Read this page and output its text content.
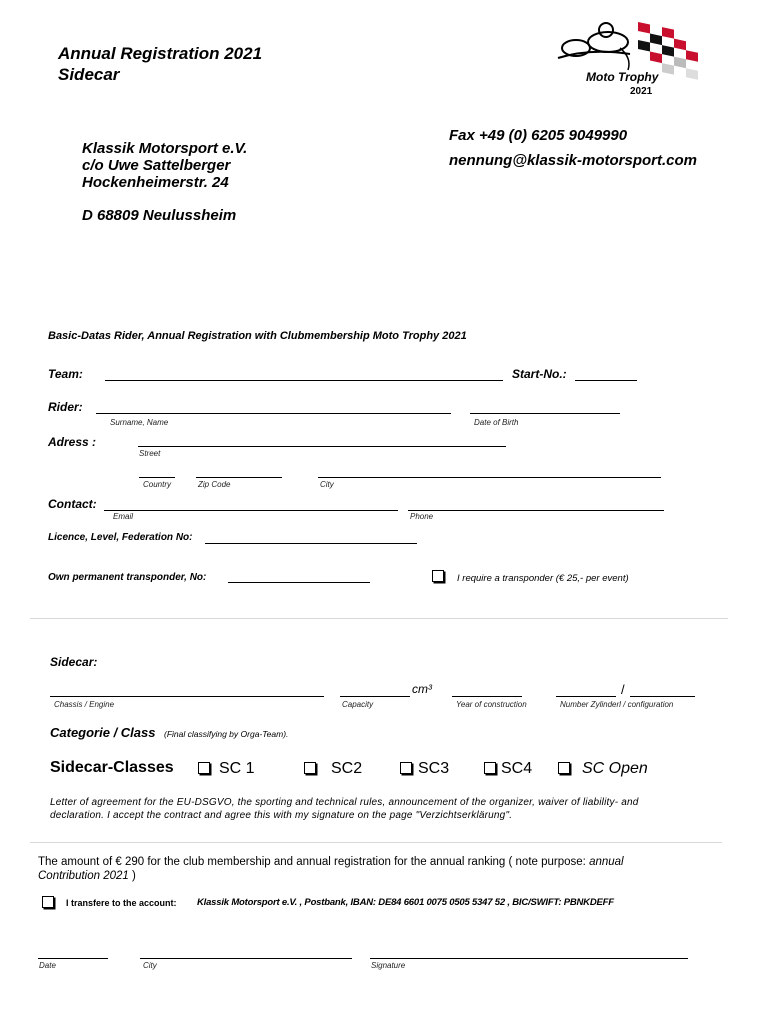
Annual Registration 2021
Sidecar	Moto Trophy
2021
Klassik Motorsport e.V.
c/o Uwe Sattelberger
Hockenheimerstr. 24
D 68809 Neulussheim
Fax +49 (0) 6205 9049990
nennung@klassik-motorsport.com
Basic-Datas Rider, Annual Registration with Clubmembership Moto Trophy 2021
Team:	Start-No.:
Rider:
Surname, Name	Date of Birth
Adress :
Street
Country	Zip Code	City
Contact:
Email	Phone
Licence, Level, Federation No:
Own permanent transponder, No:	I require a transponder (€ 25,- per event)
Sidecar:
cm³	/
Chassis / Engine	Capacity	Year of construction	Number Zylinderl / configuration
Categorie / Class (Final classifying by Orga-Team).
Sidecar-Classes	SC 1	SC2	SC3	SC4	SC Open
Letter of agreement for the EU-DSGVO, the sporting and technical rules, announcement of the organizer, waiver of liability- and
declaration. I accept the contract and agree this with my signature on the page "Verzichtserklärung".
The amount of € 290 for the club membership and annual registration for the annual ranking ( note purpose: annual
Contribution 2021 )
I transfere to the account: Klassik Motorsport e.V. , Postbank, IBAN: DE84 6601 0075 0505 5347 52 , BIC/SWIFT: PBNKDEFF
Date	City	Signature
